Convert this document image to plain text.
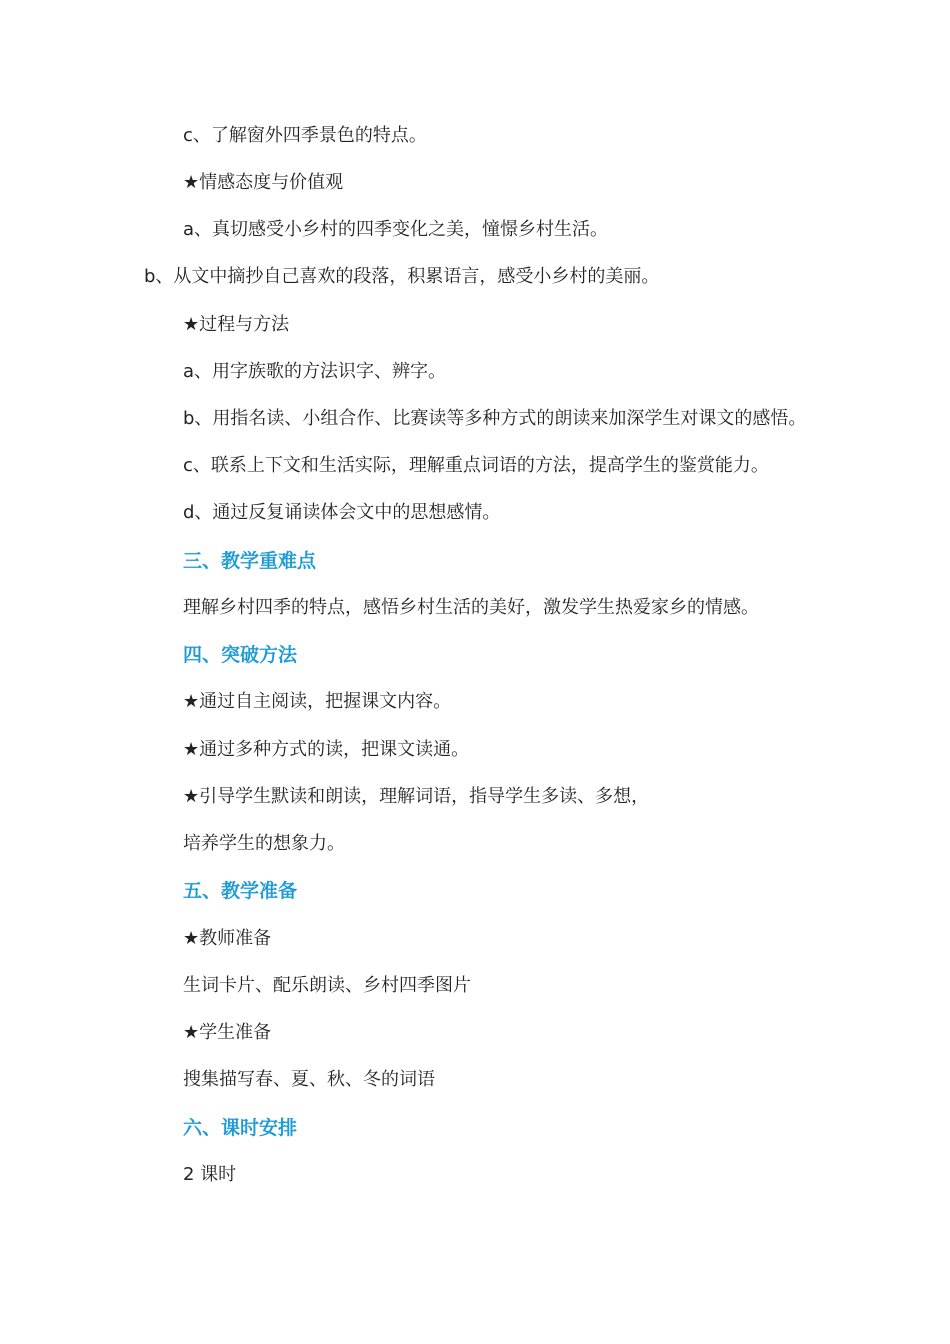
c、了解窗外四季景色的特点。
★情感态度与价值观
a、真切感受小乡村的四季变化之美，憧憬乡村生活。
b、从文中摘抄自己喜欢的段落，积累语言，感受小乡村的美丽。
★过程与方法
a、用字族歌的方法识字、辨字。
b、用指名读、小组合作、比赛读等多种方式的朗读来加深学生对课文的感悟。
c、联系上下文和生活实际，理解重点词语的方法，提高学生的鉴赏能力。
d、通过反复诵读体会文中的思想感情。
三、教学重难点
理解乡村四季的特点，感悟乡村生活的美好，激发学生热爱家乡的情感。
四、突破方法
★通过自主阅读，把握课文内容。
★通过多种方式的读，把课文读通。
★引导学生默读和朗读，理解词语，指导学生多读、多想，
培养学生的想象力。
五、教学准备
★教师准备
生词卡片、配乐朗读、乡村四季图片
★学生准备
搜集描写春、夏、秋、冬的词语
六、课时安排
2 课时
